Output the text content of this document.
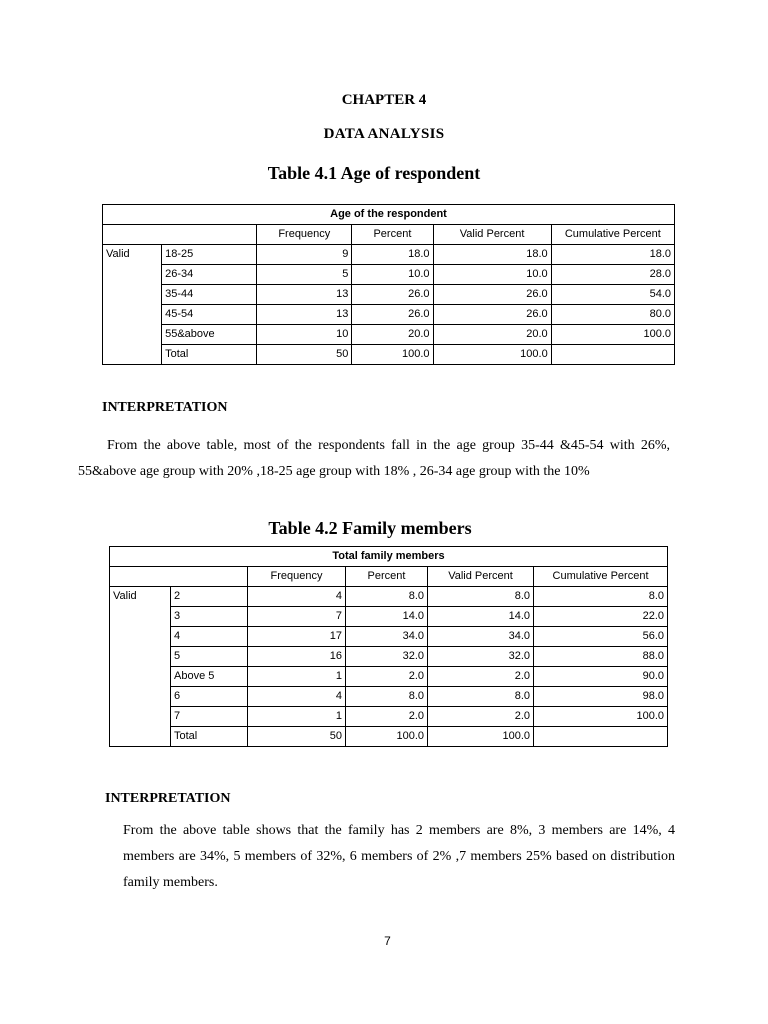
CHAPTER 4
DATA ANALYSIS
Table 4.1 Age of respondent
Age of the respondent					
		Frequency	Percent	Valid Percent	Cumulative Percent
Valid	18-25	9	18.0	18.0	18.0
	26-34	5	10.0	10.0	28.0
	35-44	13	26.0	26.0	54.0
	45-54	13	26.0	26.0	80.0
	55&above	10	20.0	20.0	100.0
	Total	50	100.0	100.0	
INTERPRETATION
From the above table, most of the respondents fall in the age group 35-44 &45-54 with 26%, 55&above age group with 20% ,18-25 age group with 18% , 26-34 age group with the 10%
Table 4.2 Family members
Total family members					
		Frequency	Percent	Valid Percent	Cumulative Percent
Valid	2	4	8.0	8.0	8.0
	3	7	14.0	14.0	22.0
	4	17	34.0	34.0	56.0
	5	16	32.0	32.0	88.0
	Above 5	1	2.0	2.0	90.0
	6	4	8.0	8.0	98.0
	7	1	2.0	2.0	100.0
	Total	50	100.0	100.0	
INTERPRETATION
From the above table shows that the family has 2 members are 8%, 3 members are 14%, 4 members are 34%, 5 members of 32%, 6 members of 2% ,7 members 25% based on distribution family members.
7
